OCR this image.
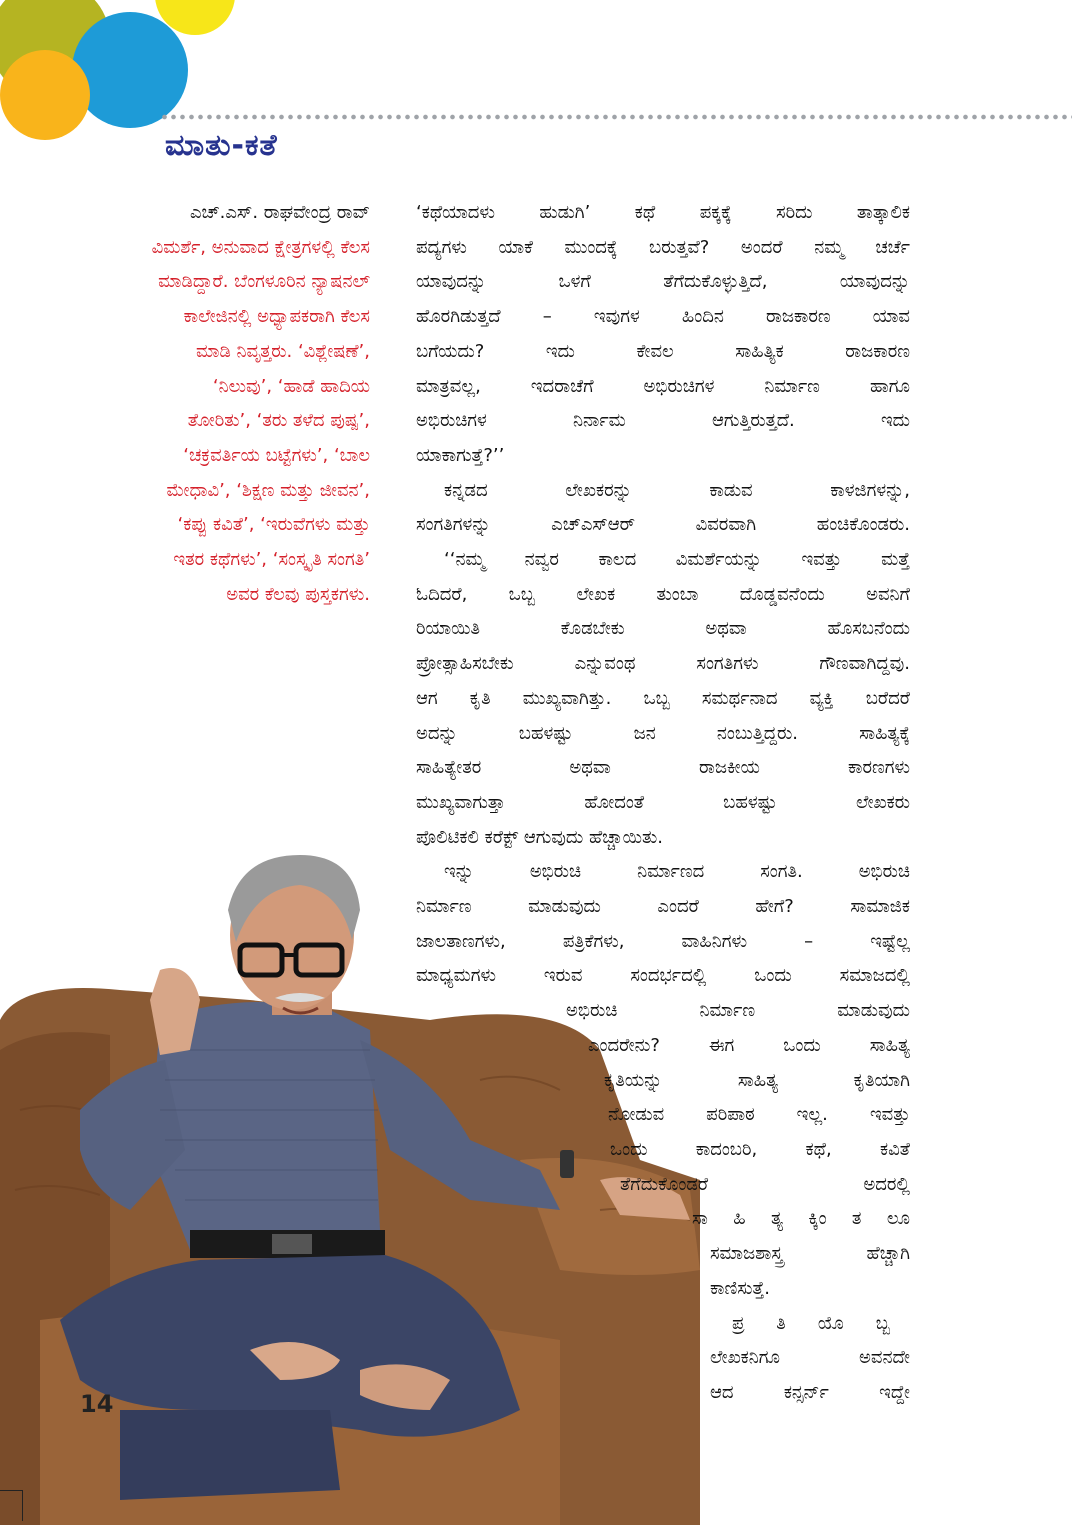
ಮಾತು-ಕತೆ
ಎಚ್.ಎಸ್. ರಾಘವೇಂದ್ರ ರಾವ್ ವಿಮರ್ಶೆ, ಅನುವಾದ ಕ್ಷೇತ್ರಗಳಲ್ಲಿ ಕೆಲಸ ಮಾಡಿದ್ದಾರೆ. ಬೆಂಗಳೂರಿನ ನ್ಯಾಷನಲ್ ಕಾಲೇಜಿನಲ್ಲಿ ಅಧ್ಯಾಪಕರಾಗಿ ಕೆಲಸ ಮಾಡಿ ನಿವೃತ್ತರು. ‘ವಿಶ್ಲೇಷಣೆ’, ‘ನಿಲುವು’, ‘ಹಾಡೆ ಹಾದಿಯ ತೋರಿತು’, ‘ತರು ತಳೆದ ಪುಷ್ಪ’, ‘ಚಕ್ರವರ್ತಿಯ ಬಟ್ಟೆಗಳು’, ‘ಬಾಲ ಮೇಧಾವಿ’, ‘ಶಿಕ್ಷಣ ಮತ್ತು ಜೀವನ’, ‘ಕಪ್ಪು ಕವಿತೆ’, ‘ಇರುವೆಗಳು ಮತ್ತು ಇತರ ಕಥೆಗಳು’, ‘ಸಂಸ್ಕೃತಿ ಸಂಗತಿ’ ಅವರ ಕೆಲವು ಪುಸ್ತಕಗಳು.
‘ಕಥೆಯಾದಳು ಹುಡುಗಿ’ ಕಥೆ ಪಕ್ಕಕ್ಕೆ ಸರಿದು ತಾತ್ಕಾಲಿಕ
ಪದ್ಯಗಳು ಯಾಕೆ ಮುಂದಕ್ಕೆ ಬರುತ್ತವೆ? ಅಂದರೆ ನಮ್ಮ ಚರ್ಚೆ
ಯಾವುದನ್ನು ಒಳಗೆ ತೆಗೆದುಕೊಳ್ಳುತ್ತಿದೆ, ಯಾವುದನ್ನು
ಹೊರಗಿಡುತ್ತದೆ – ಇವುಗಳ ಹಿಂದಿನ ರಾಜಕಾರಣ ಯಾವ
ಬಗೆಯದು? ಇದು ಕೇವಲ ಸಾಹಿತ್ಯಿಕ ರಾಜಕಾರಣ
ಮಾತ್ರವಲ್ಲ, ಇದರಾಚೆಗೆ ಅಭಿರುಚಿಗಳ ನಿರ್ಮಾಣ ಹಾಗೂ
ಅಭಿರುಚಿಗಳ ನಿರ್ನಾಮ ಆಗುತ್ತಿರುತ್ತದೆ. ಇದು
ಯಾಕಾಗುತ್ತೆ?’’
ಕನ್ನಡದ ಲೇಖಕರನ್ನು ಕಾಡುವ ಕಾಳಜಿಗಳನ್ನು,
ಸಂಗತಿಗಳನ್ನು ಎಚ್‌ಎಸ್‌ಆರ್ ವಿವರವಾಗಿ ಹಂಚಿಕೊಂಡರು.
‘‘ನಮ್ಮ ನವ್ವರ ಕಾಲದ ವಿಮರ್ಶೆಯನ್ನು ಇವತ್ತು ಮತ್ತೆ
ಓದಿದರೆ, ಒಬ್ಬ ಲೇಖಕ ತುಂಬಾ ದೊಡ್ಡವನೆಂದು ಅವನಿಗೆ
ರಿಯಾಯಿತಿ ಕೊಡಬೇಕು ಅಥವಾ ಹೊಸಬನೆಂದು
ಪ್ರೋತ್ಸಾಹಿಸಬೇಕು ಎನ್ನುವಂಥ ಸಂಗತಿಗಳು ಗೌಣವಾಗಿದ್ದವು.
ಆಗ ಕೃತಿ ಮುಖ್ಯವಾಗಿತ್ತು. ಒಬ್ಬ ಸಮರ್ಥನಾದ ವ್ಯಕ್ತಿ ಬರೆದರೆ
ಅದನ್ನು ಬಹಳಷ್ಟು ಜನ ನಂಬುತ್ತಿದ್ದರು. ಸಾಹಿತ್ಯಕ್ಕೆ
ಸಾಹಿತ್ಯೇತರ ಅಥವಾ ರಾಜಕೀಯ ಕಾರಣಗಳು
ಮುಖ್ಯವಾಗುತ್ತಾ ಹೋದಂತೆ ಬಹಳಷ್ಟು ಲೇಖಕರು
ಪೊಲಿಟಿಕಲಿ ಕರೆಕ್ಟ್ ಆಗುವುದು ಹೆಚ್ಚಾಯಿತು.
ಇನ್ನು ಅಭಿರುಚಿ ನಿರ್ಮಾಣದ ಸಂಗತಿ. ಅಭಿರುಚಿ
ನಿರ್ಮಾಣ ಮಾಡುವುದು ಎಂದರೆ ಹೇಗೆ? ಸಾಮಾಜಿಕ
ಜಾಲತಾಣಗಳು, ಪತ್ರಿಕೆಗಳು, ವಾಹಿನಿಗಳು – ಇಷ್ಟೆಲ್ಲ
ಮಾಧ್ಯಮಗಳು ಇರುವ ಸಂದರ್ಭದಲ್ಲಿ ಒಂದು ಸಮಾಜದಲ್ಲಿ
ಅಭಿರುಚಿ ನಿರ್ಮಾಣ ಮಾಡುವುದು
ಎಂದರೇನು? ಈಗ ಒಂದು ಸಾಹಿತ್ಯ
ಕೃತಿಯನ್ನು ಸಾಹಿತ್ಯ ಕೃತಿಯಾಗಿ
ನೋಡುವ ಪರಿಪಾಠ ಇಲ್ಲ. ಇವತ್ತು
ಒಂದು ಕಾದಂಬರಿ, ಕಥೆ, ಕವಿತೆ
ತೆಗೆದುಕೊಂಡರೆ ಅದರಲ್ಲಿ
ಸಾ ಹಿ ತ್ಯ ಕ್ಕಿಂ ತ ಲೂ
ಸಮಾಜಶಾಸ್ತ್ರ ಹೆಚ್ಚಾಗಿ
ಕಾಣಿಸುತ್ತೆ.
ಪ್ರ ತಿ ಯೊ ಬ್ಬ
ಲೇಖಕನಿಗೂ ಅವನದೇ
ಆದ ಕನ್ಸರ್ನ್ ಇದ್ದೇ
14
